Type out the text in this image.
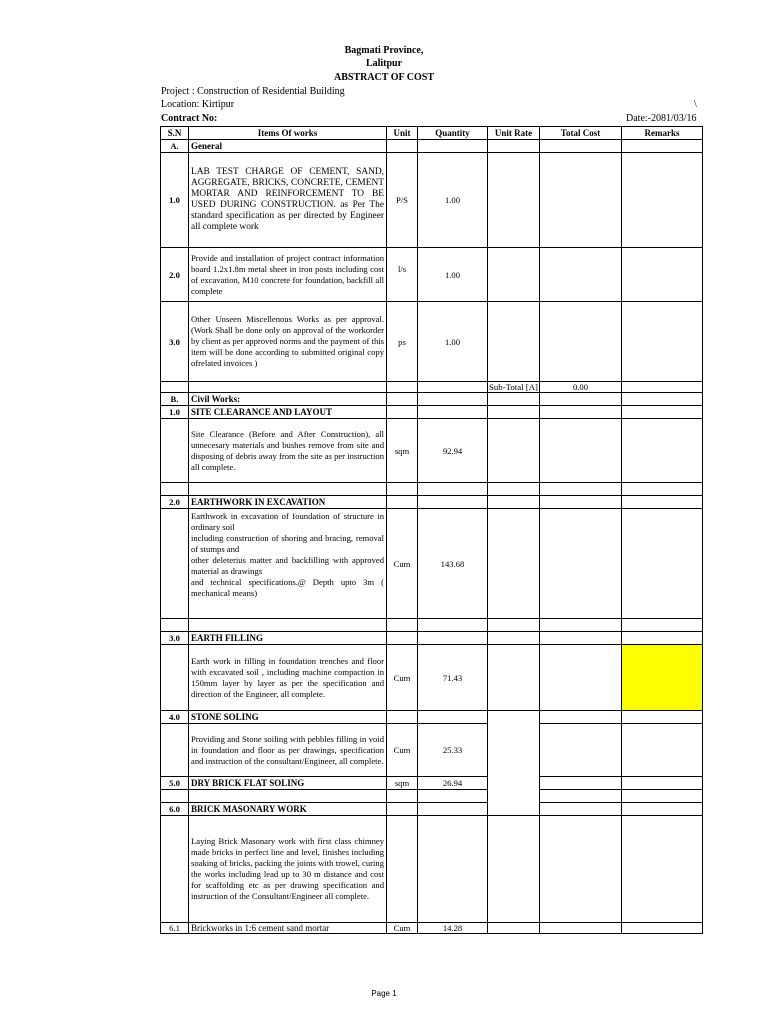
Bagmati Province,
Lalitpur
ABSTRACT OF COST
Project : Construction of Residential Building
Location: Kirtipur	\
Contract No:	Date:-2081/03/16
S.N	Items Of works	Unit	Quantity	Unit Rate	Total Cost	Remarks
A.	General					
1.0	LAB TEST CHARGE OF CEMENT, SAND, AGGREGATE, BRICKS, CONCRETE, CEMENT MORTAR AND REINFORCEMENT TO BE USED DURING CONSTRUCTION. as Per The standard specification as per directed by Engineer all complete work	P/S	1.00			
2.0	Provide and installation of project contract information board 1.2x1.8m metal sheet in iron posts including cost of excavation, M10 concrete for foundation, backfill all complete	l/s	1.00			
3.0	Other Unseen Miscellenous Works as per approval. (Work Shall be done only on approval of the workorder by client as per approved norms and the payment of this item will be done according to submitted original copy ofrelated invoices )	ps	1.00			
				Sub-Total [A]	0.00	
B.	Civil Works:					
1.0	SITE CLEARANCE AND LAYOUT					
	Site Clearance (Before and After Construction), all unnecesary materials and bushes remove from site and disposing of debris away from the site as per instruction all complete.	sqm	92.94			

2.0	EARTHWORK IN EXCAVATION					
	Earthwork in excavation of foundation of structure in ordinary soil
including construction of shoring and bracing, removal of stumps and
other deleterius matter and backfilling with approved material as drawings
and technical specifications.@ Depth upto 3m ( mechanical means)	Cum	143.68			

3.0	EARTH FILLING					
	Earth work in filling in foundation trenches and floor with excavated soil , including machine compaction in 150mm layer by layer as per the specification and direction of the Engineer, all complete.	Cum	71.43			
4.0	STONE SOLING					
	Providing and Stone soiling with pebbles filling in void in foundation and floor as per drawings, specification and instruction of the consultant/Engineer, all complete.	Cum	25.33			
5.0	DRY BRICK FLAT SOLING	sqm	26.94			

6.0	BRICK MASONARY WORK					
	Laying Brick Masonary work with first class chimney made bricks in perfect line and level, finishes including soaking of bricks, packing the joints with trowel, curing the works including lead up to 30 m distance and cost for scaffolding etc as per drawing specification and instruction of the Consultant/Engineer all complete.					
6.1	Brickworks in 1:6 cement sand mortar	Cum	14.28			
Page 1
